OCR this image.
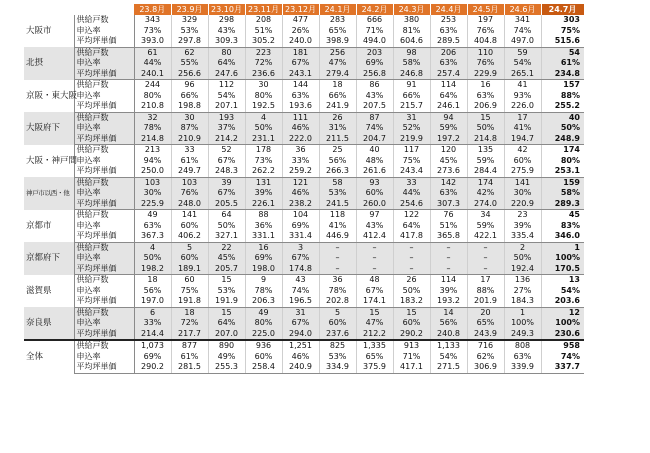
		23.8月	23.9月	23.10月	23.11月	23.12月	24.1月	24.2月	24.3月	24.4月	24.5月	24.6月	24.7月
大阪市	供給戸数	343	329	298	208	477	283	666	380	253	197	341	303
	申込率	73%	53%	43%	51%	26%	65%	71%	81%	63%	76%	74%	75%
	平均坪単価	393.0	297.8	309.3	305.2	240.0	398.9	494.0	604.6	289.5	404.8	497.0	515.6
北摂	供給戸数	61	62	80	223	181	256	203	98	206	110	59	54
	申込率	44%	55%	64%	72%	67%	47%	69%	58%	63%	76%	54%	61%
	平均坪単価	240.1	256.6	247.6	236.6	243.1	279.4	256.8	246.8	257.4	229.9	265.1	234.8
京阪・東大阪	供給戸数	244	96	112	30	144	18	86	91	114	16	41	157
	申込率	80%	66%	54%	80%	63%	66%	43%	66%	64%	63%	93%	88%
	平均坪単価	210.8	198.8	207.1	192.5	193.6	241.9	207.5	215.7	246.1	206.9	226.0	255.2
大阪府下	供給戸数	32	30	193	4	111	26	87	31	94	15	17	40
	申込率	78%	87%	37%	50%	46%	31%	74%	52%	59%	50%	41%	50%
	平均坪単価	214.8	210.9	214.2	231.1	222.0	211.5	204.7	219.9	197.2	214.8	194.7	248.9
大阪・神戸間	供給戸数	213	33	52	178	36	25	40	117	120	135	42	174
	申込率	94%	61%	67%	73%	33%	56%	48%	75%	45%	59%	60%	80%
	平均坪単価	250.0	249.7	248.3	262.2	259.2	266.3	261.6	243.4	273.6	284.4	275.9	253.1
神戸市以西・他	供給戸数	103	103	39	131	121	58	93	33	142	174	141	159
	申込率	30%	76%	67%	39%	46%	53%	60%	44%	63%	42%	30%	58%
	平均坪単価	225.9	248.0	205.5	226.1	238.2	241.5	260.0	254.6	307.3	274.0	220.9	289.3
京都市	供給戸数	49	141	64	88	104	118	97	122	76	34	23	45
	申込率	63%	60%	50%	36%	69%	41%	43%	64%	51%	59%	39%	83%
	平均坪単価	367.3	406.2	327.1	331.1	331.4	446.9	412.4	417.8	365.8	422.1	335.4	346.0
京都府下	供給戸数	4	5	22	16	3	–	–	–	–	–	2	1
	申込率	50%	60%	45%	69%	67%	–	–	–	–	–	50%	100%
	平均坪単価	198.2	189.1	205.7	198.0	174.8	–	–	–	–	–	192.4	170.5
滋賀県	供給戸数	18	60	15	9	43	36	48	26	114	17	136	13
	申込率	56%	75%	53%	78%	74%	78%	67%	50%	39%	88%	27%	54%
	平均坪単価	197.0	191.8	191.9	206.3	196.5	202.8	174.1	183.2	193.2	201.9	184.3	203.6
奈良県	供給戸数	6	18	15	49	31	5	15	15	14	20	1	12
	申込率	33%	72%	64%	80%	67%	60%	47%	60%	56%	65%	100%	100%
	平均坪単価	214.4	217.7	207.0	225.0	294.0	237.6	212.2	290.2	240.8	243.9	249.3	230.6
全体	供給戸数	1,073	877	890	936	1,251	825	1,335	913	1,133	716	808	958
	申込率	69%	61%	49%	60%	46%	53%	65%	71%	54%	62%	63%	74%
	平均坪単価	290.2	281.5	255.3	258.4	240.9	334.9	375.9	417.1	271.5	306.9	339.9	337.7
